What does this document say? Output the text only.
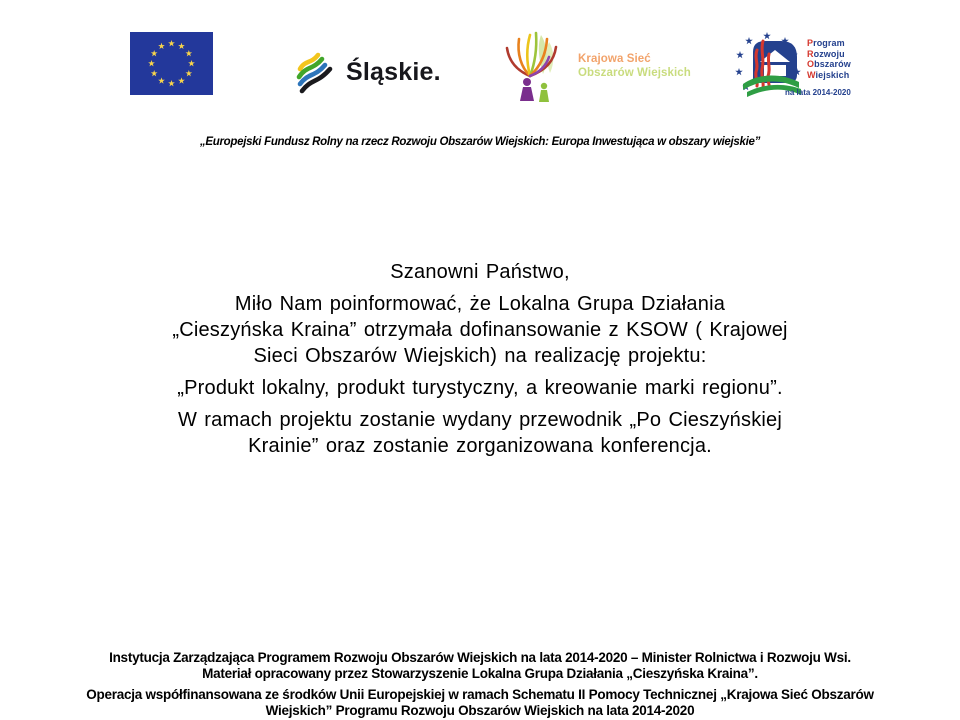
Śląskie.	Krajowa Sieć
Obszarów Wiejskich
Program
Rozwoju
Obszarów
Wiejskich
na lata 2014-2020
„Europejski Fundusz Rolny na rzecz Rozwoju Obszarów Wiejskich: Europa Inwestująca w obszary wiejskie”
Szanowni Państwo,
Miło Nam poinformować, że Lokalna Grupa Działania
„Cieszyńska Kraina” otrzymała dofinansowanie z KSOW ( Krajowej
Sieci Obszarów Wiejskich) na realizację projektu:
„Produkt lokalny, produkt turystyczny, a kreowanie marki regionu”.
W ramach projektu zostanie wydany przewodnik „Po Cieszyńskiej
Krainie” oraz zostanie zorganizowana konferencja.
Instytucja Zarządzająca Programem Rozwoju Obszarów Wiejskich na lata 2014-2020 – Minister Rolnictwa i Rozwoju Wsi.
Materiał opracowany przez Stowarzyszenie Lokalna Grupa Działania „Cieszyńska Kraina”.
Operacja współfinansowana ze środków Unii Europejskiej w ramach Schematu II Pomocy Technicznej „Krajowa Sieć Obszarów
Wiejskich” Programu Rozwoju Obszarów Wiejskich na lata 2014-2020
